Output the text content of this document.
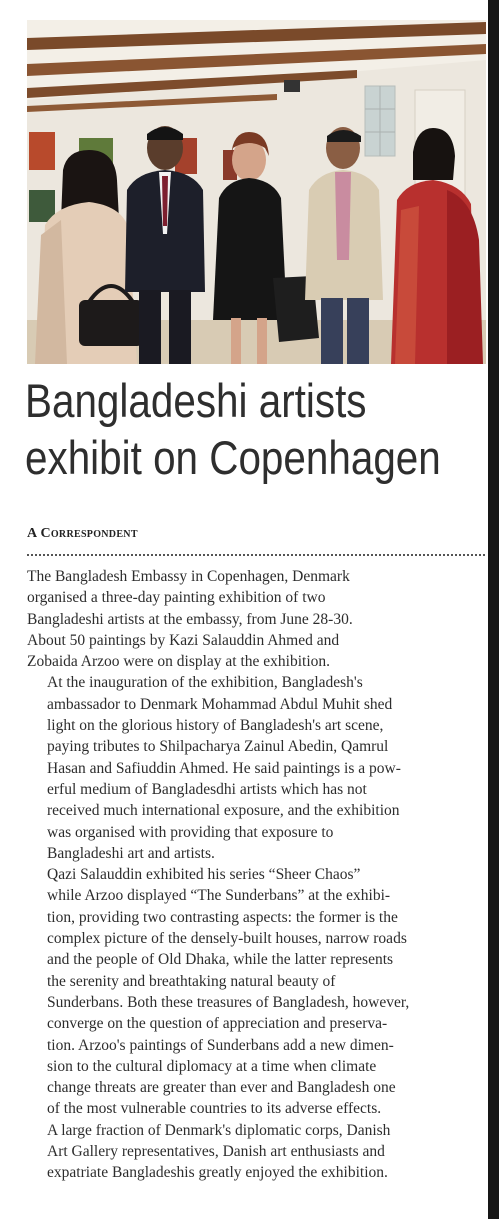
Bangladeshi artists
exhibit on Copenhagen
A Correspondent

The Bangladesh Embassy in Copenhagen, Denmark
organised a three-day painting exhibition of two
Bangladeshi artists at the embassy, from June 28-30.
About 50 paintings by Kazi Salauddin Ahmed and
Zobaida Arzoo were on display at the exhibition.

At the inauguration of the exhibition, Bangladesh's
ambassador to Denmark Mohammad Abdul Muhit shed
light on the glorious history of Bangladesh's art scene,
paying tributes to Shilpacharya Zainul Abedin, Qamrul
Hasan and Safiuddin Ahmed. He said paintings is a pow-
erful medium of Bangladesdhi artists which has not
received much international exposure, and the exhibition
was organised with providing that exposure to
Bangladeshi art and artists.

Qazi Salauddin exhibited his series “Sheer Chaos”
while Arzoo displayed “The Sunderbans” at the exhibi-
tion, providing two contrasting aspects: the former is the
complex picture of the densely-built houses, narrow roads
and the people of Old Dhaka, while the latter represents
the serenity and breathtaking natural beauty of
Sunderbans. Both these treasures of Bangladesh, however,
converge on the question of appreciation and preserva-
tion. Arzoo's paintings of Sunderbans add a new dimen-
sion to the cultural diplomacy at a time when climate
change threats are greater than ever and Bangladesh one
of the most vulnerable countries to its adverse effects.

A large fraction of Denmark's diplomatic corps, Danish
Art Gallery representatives, Danish art enthusiasts and
expatriate Bangladeshis greatly enjoyed the exhibition.
